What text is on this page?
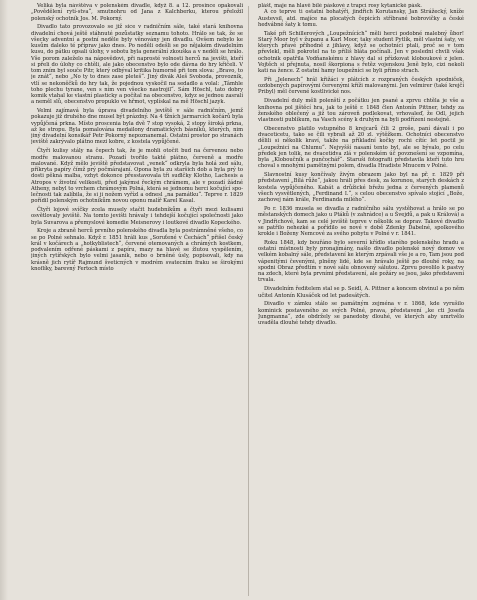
Veliká byla návštěva v polenském divadle, když 8. a 12. prosince opakovali „Povědělení rytí-stva“, smutnohru od Jana z Kalchberku, kterou přeložil polenský ochotník Jos. M. Pokorný.

Divadlo tato provozovalo se již sice v radničním sále, také stará knihovna divadelní chová ještě stáhnuté pozůstatky seznamu tohoto. Hrálo se tak, že se všecky adventní a postní neděle byly věnovány jen divadlu. Ovšem nebylo ke kusům daleko té příprav jako dnes. Po neděli odešli se po nějakém divadelním kusu, do pátku opsali úlohy, v sobotu byla generální zkouška a v neděli se hrálo. Vše porom zaleželo na nápovědovi, při naprosté volnosti herců na jevišti, kteří si přeli do úlohy co chtěli, ale jako obecenstvo bylo ode dávna do hry křičeli. V tom zním byl souče Pitr, který odbýval kritika humorně při tom slova: „Bravo, to je znát“, nebo „No ty to dnes zase pleteš“. Jiný divák Aleš Svoboda, provozník, vtlí se nekoněčků do hry tak, že pojednou vyskočil na sedadlo a volal: „Támhle toho plechu tyrane, ven s ním ven všecko nastrojil“. Sám Höschl, tato dobry komik vtahal ke vlastní plasticky a počítal na obecenstvo, kdyz se jednou zasralí a neměl slů, obecenstvo propuklo ve hřmot, vyplískal na mě Höschl jazyk.

Velmi zajímavá byla úprava divadelního jeviště v sále radničním, jemž pokazuje již druhého dne musel být prázdný. Na 4 ťžních jarmarcích kočárů byla vypůjčená prkna. Místo proscenia byla dvě 7 stop vysoká, 2 stopy široká prkna, až ke stropu. Byla pomalována medailony dramatických básníků, kterých, nim jiný divadelní konsikář Petr Pokorný nepoznanemal. Ostatní prostor po stranách jeviště zakrývalo plátno mezi kobre, z kostela vypůjčené.

Čtyři kulisy stály na čepech tak, že je mohli otočit bud na červenou nebo modře malovanou stranu. Pozadí tvořilo takté plátno, červeně a modře malované. Když mělo jeviště představovat „venek“ odkryla byla holá zed sálu, příkryta papíry čímž prý počmárajaní. Opona byla zu staršich dob a byla prý to dosti pěkná malba, vzhyt dokonce přesstavovala tři suďičky Klotho, Lachesis a Atropos v životní velikosti, před jakýmsi řeckým chrámem, ale v pozadí žádné Atheny, nebyl to vrchem chrámovým Polná, která se jednomu herci kočující společnosti tak zalíbila, že si ji nožem vyřízl a odnesl „na památku“. Teprve r. 1829 pořídil polenským ochotníkům novou oponu malíř Karel Kasal.

Čtyři lojové svíčky zcela musely stačit hudebníkům a čtyři mezi kulisami osvětlovaly jeviště. Na tomto jevišti hrávaly i tehdejší kočující společnosti jako byla Suvarova a přemyslové komedie Meisnerovy i loutkové divadlo Kopeckého.

Kroje a zbraně herců prvního polenského divadla byla postrámněné všeho, co se po Polné sehnalo. Když r. 1851 hráli kus „Soruťené v Čechách“ přišel český král v kočárech a „hotkyblistech“, červené otemovaných a chrámých kostkem, podvalením odřené páskami z papíru, mazy na hlavě se žlutou vyspělením, jiných rytířských bylo velmi jasaník, nebo o brněné úsly, popisovali, kdy na krásně jich rytíř Rajmund šveticných v modrém svatecním fraku se širokými knoflíky, barevný Fertoch místo

plášť, maje na hlavě bílé páskové z trapcí rosy kytanické pásk.

A co teprve ti ostatní bohatýři, jindřich Korutansky, Jan Strážecký, kníže Austevsil, atd. majíce na plocatých čepicích stříbrané bobrovičky a české hedvábné šaty k tomu.

Také při Schillerových „Loupežnících“ měli herci podobné malebný ůbor! Starý Moor byl v županu a Karl Moor, taky student Pytlík, měl vlastní šaty, ve kterých přavé příhodně z jihlavy, když se ochotníci ptali, proč se v tom převlekl, měli pokrotel na to příliš bláta počínali. Jen v posledni chvili však ochotnik opatřila Vodňanskému z hlavy dal si přízkovat kloboukové z jelen. Vojtěch si přejnuta, nosil škorpiona s řetěz vojenskou Jeně bylo, cizi nekoli kati na žence. Z ostatní hamy loupežníci se byli přímo strach.

Při „Jelenech“ hrál křižáci v plátcích z rozpraných českých spodniček, ozdobených papírovými červenými kříži malovanými. Jen velmirer (také krejčí Pribyl) měl červené kostlivické nos.

Divadelní duly měli polenští z počátku jen psané a zprvu chtěla je vše a knihovna pol jištěcí hra, jak to ještě r. 1848 člen Antonín Pittner, tehdy za ženského oblečený a již tou zároveň podlekovat, vrhovaleď, že Odl, jejich vlastnosti publíkum, na Vasch scény k druhým na byli podřízeni nestejně.

Obecenstvo platilo vstupného 8 krejcarů čili 2 groše, paní dávali i po dvaceticetu, tako se čili vybrali až 20 zl. výtěžkem. Ochotníci obecenstvo dělili si několik kraví, takže na příkladní kočky rochi cítíc let poctil je „Loupežnicí na Chlumu“. Nejvyšší nasaní tento byl, ale se bývalo, po celu předek jen tolik, ne dvacetidva zlá v polenském úč povznešení se vzpomína, byla „Kloboučník a punčochář“. Staruši fotografii představila kteří tuto hru choval s mnohými pamětnými polem, divadla Hradiste Mnucem v Polné.

Slavnostní kusy končívaly živým obrazem jako byl na př. r. 1829 při představení „Bílá růže“, jakou hráli přes desk, za korunou, starých deskách z kostela vypůjčeného. Kabát a drůžické břežu jedna z červených plamenů všech vysvětlených, „Ferdinand I.“, s celou obecenstvo spívalo stojící „Bože, zachovej nám krále, Ferdinanda milého“.

Po r. 1836 musela se divadla z radničního sálu vystěhovat a hrálo se po městanských domech jako u Ptáků (v zahrádce) a u Švejdů, a pak u Králová) a v Jindřichové, kam se celé jeviště teprve v několik se doprav. Takové divadlo se patřilo nehezké a pořídilo se nové v době Zdenky Ďabelné, spolkového krokle i Boženy Nemcové za svého pobytu v Polné v r. 1841.

Roku 1848, kdy bouřáno bylo severní křídlo starého polenského hradu a ostatní místnosti byly pronajímány, našlo divadlo polenské nový domov ve velkém kobalný sále, představení ke kterým zrpávali vše je a ro, Tam jsou pod vápenitými čevenými, plněny lidé, kde se hrávalo ještě po dlouhé roky, na spodni Obraz předtím v nové sálu obnovený sálutou. Zprvu povolilo k pastvy na zdech, které byla prvními představení, ale požáry se jsou, jako představení trvala.

Divadelním ředitelem stal se p. Seidl, A. Pittner a koncem obvinul a po něm učitel Antonín Klusáček od let padesátých.

Divadlo v zámku stálo se památným zejména v r. 1868, kde vyrušilo kominick postaveného ze svých Polné, prava, představení „ke cti Josefa Jungmanna“, zde obdržely se panedoby dlouhé, ve kterých aby umrtvělo uvaděla dlouhé tehdy divadlo.
